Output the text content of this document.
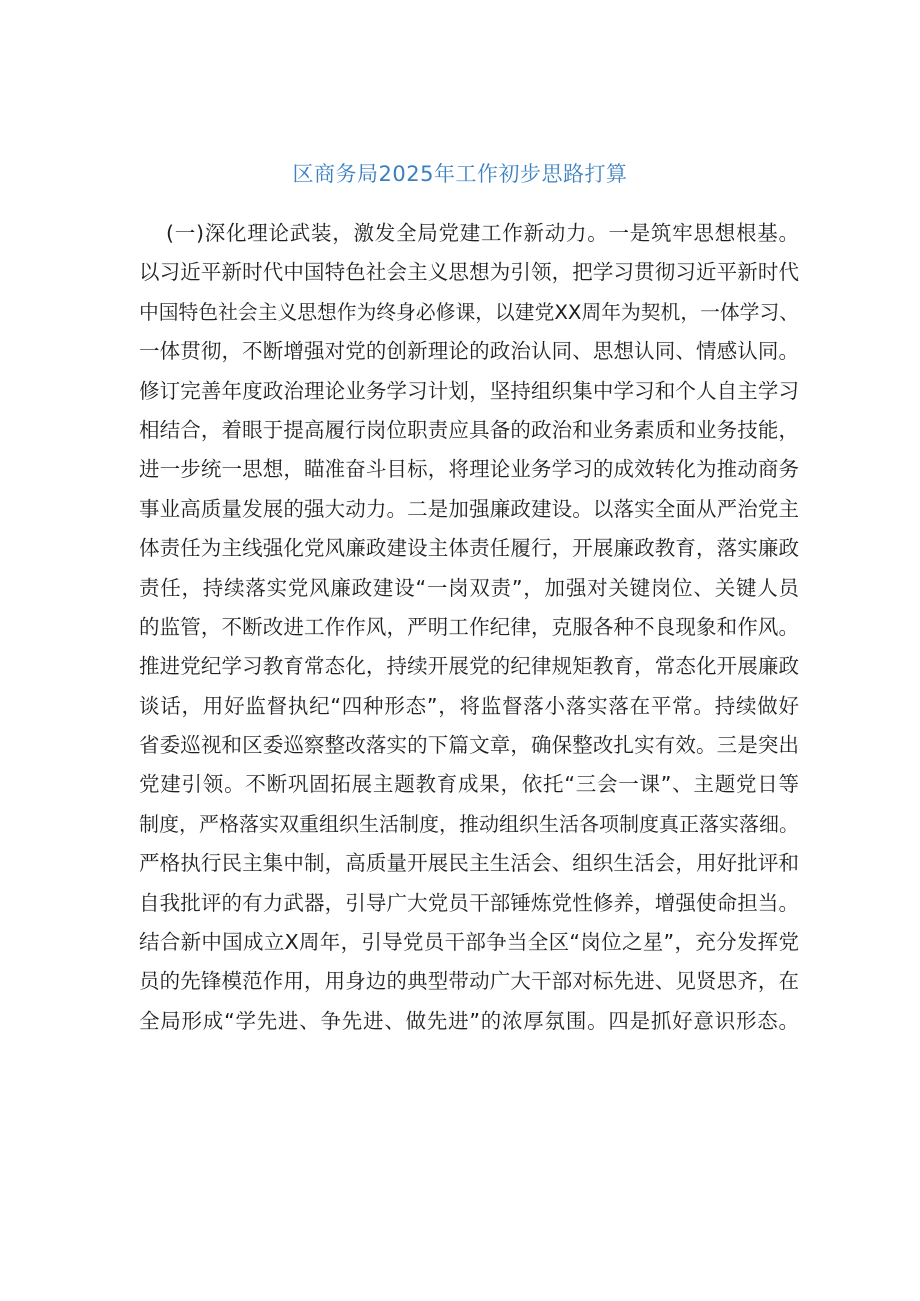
区商务局2025年工作初步思路打算
(一)深化理论武装，激发全局党建工作新动力。一是筑牢思想根基。
以习近平新时代中国特色社会主义思想为引领，把学习贯彻习近平新时代
中国特色社会主义思想作为终身必修课，以建党XX周年为契机，一体学习、
一体贯彻，不断增强对党的创新理论的政治认同、思想认同、情感认同。
修订完善年度政治理论业务学习计划，坚持组织集中学习和个人自主学习
相结合，着眼于提高履行岗位职责应具备的政治和业务素质和业务技能，
进一步统一思想，瞄准奋斗目标，将理论业务学习的成效转化为推动商务
事业高质量发展的强大动力。二是加强廉政建设。以落实全面从严治党主
体责任为主线强化党风廉政建设主体责任履行，开展廉政教育，落实廉政
责任，持续落实党风廉政建设“一岗双责”，加强对关键岗位、关键人员
的监管，不断改进工作作风，严明工作纪律，克服各种不良现象和作风。
推进党纪学习教育常态化，持续开展党的纪律规矩教育，常态化开展廉政
谈话，用好监督执纪“四种形态”，将监督落小落实落在平常。持续做好
省委巡视和区委巡察整改落实的下篇文章，确保整改扎实有效。三是突出
党建引领。不断巩固拓展主题教育成果，依托“三会一课”、主题党日等
制度，严格落实双重组织生活制度，推动组织生活各项制度真正落实落细。
严格执行民主集中制，高质量开展民主生活会、组织生活会，用好批评和
自我批评的有力武器，引导广大党员干部锤炼党性修养，增强使命担当。
结合新中国成立X周年，引导党员干部争当全区“岗位之星”，充分发挥党
员的先锋模范作用，用身边的典型带动广大干部对标先进、见贤思齐，在
全局形成“学先进、争先进、做先进”的浓厚氛围。四是抓好意识形态。
